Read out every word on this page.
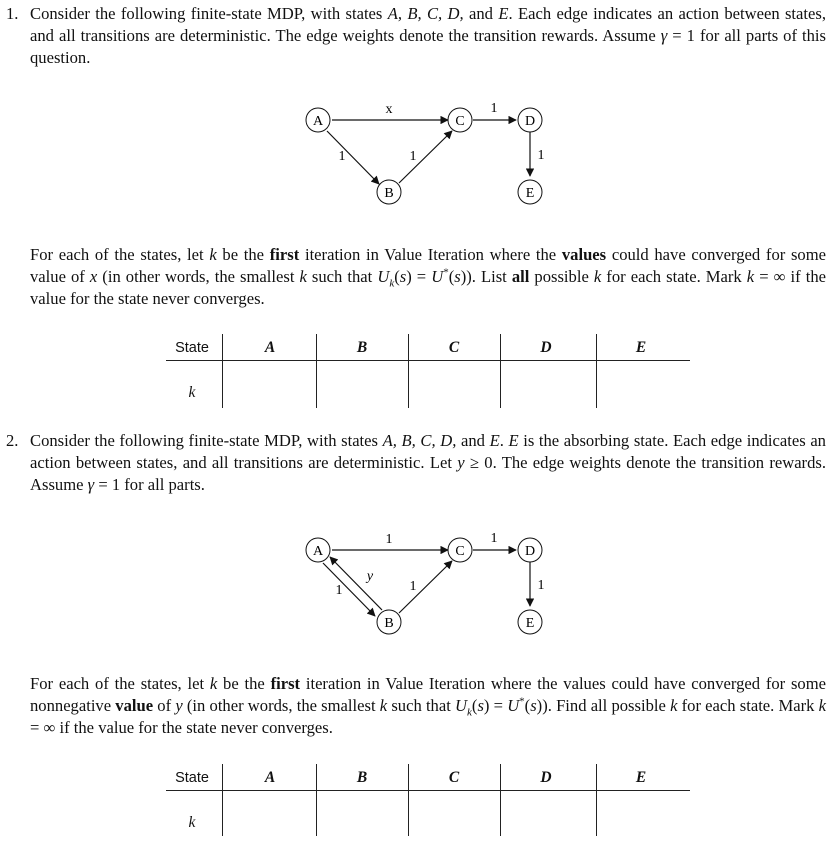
1. Consider the following finite-state MDP, with states A, B, C, D, and E. Each edge indicates an action between states, and all transitions are deterministic. The edge weights denote the transition rewards. Assume γ = 1 for all parts of this question.

A
B
C	D
E
x
1	1
1
1

For each of the states, let k be the first iteration in Value Iteration where the values could have converged for some value of x (in other words, the smallest k such that $U_k(s) = U^*(s)$). List all possible k for each state. Mark k = ∞ if the value for the state never converges.

State	A	B	C	D	E
k
2. Consider the following finite-state MDP, with states A, B, C, D, and E. E is the absorbing state. Each edge indicates an action between states, and all transitions are deterministic. Let y ≥ 0. The edge weights denote the transition rewards. Assume γ = 1 for all parts.

A
B
C	D
E
1
1
y
1
1
1

For each of the states, let k be the first iteration in Value Iteration where the values could have converged for some nonnegative value of y (in other words, the smallest k such that $U_k(s) = U^*(s)$). Find all possible k for each state. Mark k = ∞ if the value for the state never converges.

State	A	B	C	D	E
k
